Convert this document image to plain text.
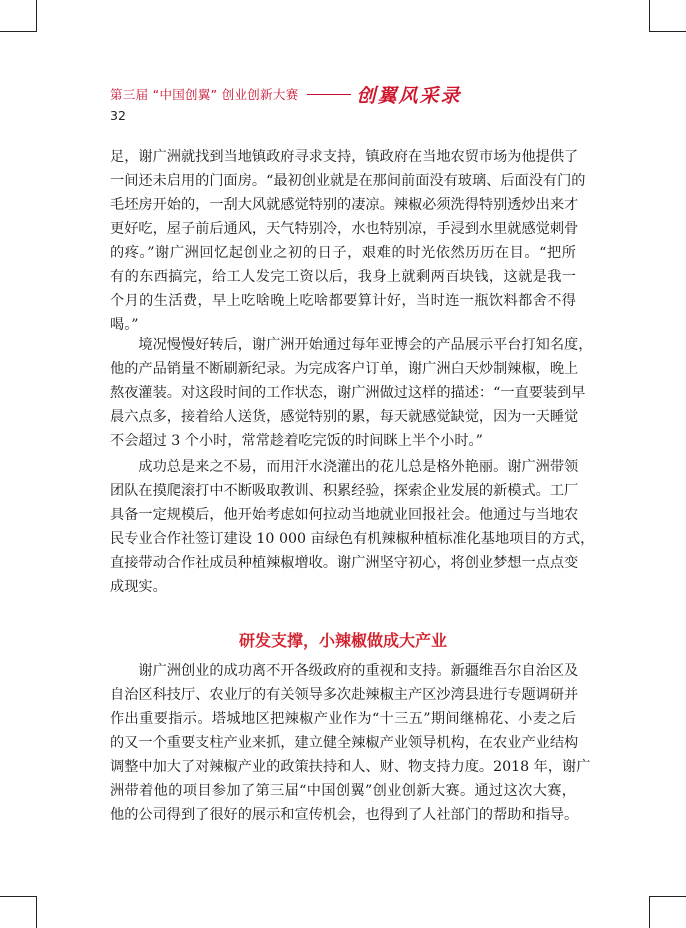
第三届 “中国创翼” 创业创新大赛	创翼风采录
32
足，谢广洲就找到当地镇政府寻求支持，镇政府在当地农贸市场为他提供了
一间还未启用的门面房。“最初创业就是在那间前面没有玻璃、后面没有门的
毛坯房开始的，一刮大风就感觉特别的凄凉。辣椒必须洗得特别透炒出来才
更好吃，屋子前后通风，天气特别冷，水也特别凉，手浸到水里就感觉刺骨
的疼。”谢广洲回忆起创业之初的日子，艰难的时光依然历历在目。“把所
有的东西搞完，给工人发完工资以后，我身上就剩两百块钱，这就是我一
个月的生活费，早上吃啥晚上吃啥都要算计好，当时连一瓶饮料都舍不得
喝。”
　　境况慢慢好转后，谢广洲开始通过每年亚博会的产品展示平台打知名度，
他的产品销量不断刷新纪录。为完成客户订单，谢广洲白天炒制辣椒，晚上
熬夜灌装。对这段时间的工作状态，谢广洲做过这样的描述：“一直要装到早
晨六点多，接着给人送货，感觉特别的累，每天就感觉缺觉，因为一天睡觉
不会超过 3 个小时，常常趁着吃完饭的时间眯上半个小时。”
　　成功总是来之不易，而用汗水浇灌出的花儿总是格外艳丽。谢广洲带领
团队在摸爬滚打中不断吸取教训、积累经验，探索企业发展的新模式。工厂
具备一定规模后，他开始考虑如何拉动当地就业回报社会。他通过与当地农
民专业合作社签订建设 10 000 亩绿色有机辣椒种植标准化基地项目的方式，
直接带动合作社成员种植辣椒增收。谢广洲坚守初心，将创业梦想一点点变
成现实。
研发支撑，小辣椒做成大产业
　　谢广洲创业的成功离不开各级政府的重视和支持。新疆维吾尔自治区及
自治区科技厅、农业厅的有关领导多次赴辣椒主产区沙湾县进行专题调研并
作出重要指示。塔城地区把辣椒产业作为“十三五”期间继棉花、小麦之后
的又一个重要支柱产业来抓，建立健全辣椒产业领导机构，在农业产业结构
调整中加大了对辣椒产业的政策扶持和人、财、物支持力度。2018 年，谢广
洲带着他的项目参加了第三届“中国创翼”创业创新大赛。通过这次大赛，
他的公司得到了很好的展示和宣传机会，也得到了人社部门的帮助和指导。
